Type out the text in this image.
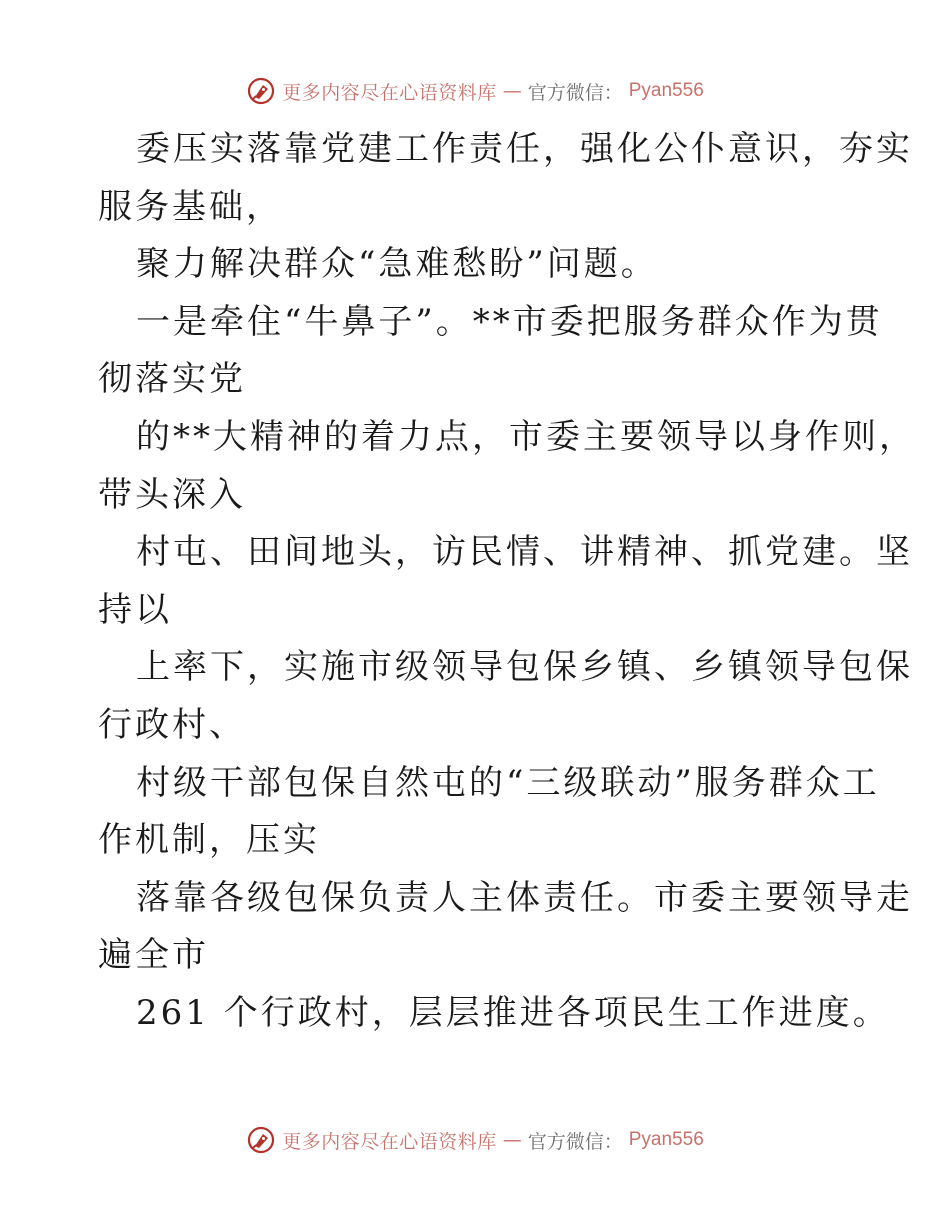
更多内容尽在心语资料库 — 官方微信： Pyan556
委压实落靠党建工作责任，强化公仆意识，夯实
服务基础，
聚力解决群众“急难愁盼”问题。
一是牵住“牛鼻子”。**市委把服务群众作为贯
彻落实党
的**大精神的着力点，市委主要领导以身作则，
带头深入
村屯、田间地头，访民情、讲精神、抓党建。坚
持以
上率下，实施市级领导包保乡镇、乡镇领导包保
行政村、
村级干部包保自然屯的“三级联动”服务群众工
作机制，压实
落靠各级包保负责人主体责任。市委主要领导走
遍全市
261 个行政村，层层推进各项民生工作进度。
更多内容尽在心语资料库 — 官方微信： Pyan556
